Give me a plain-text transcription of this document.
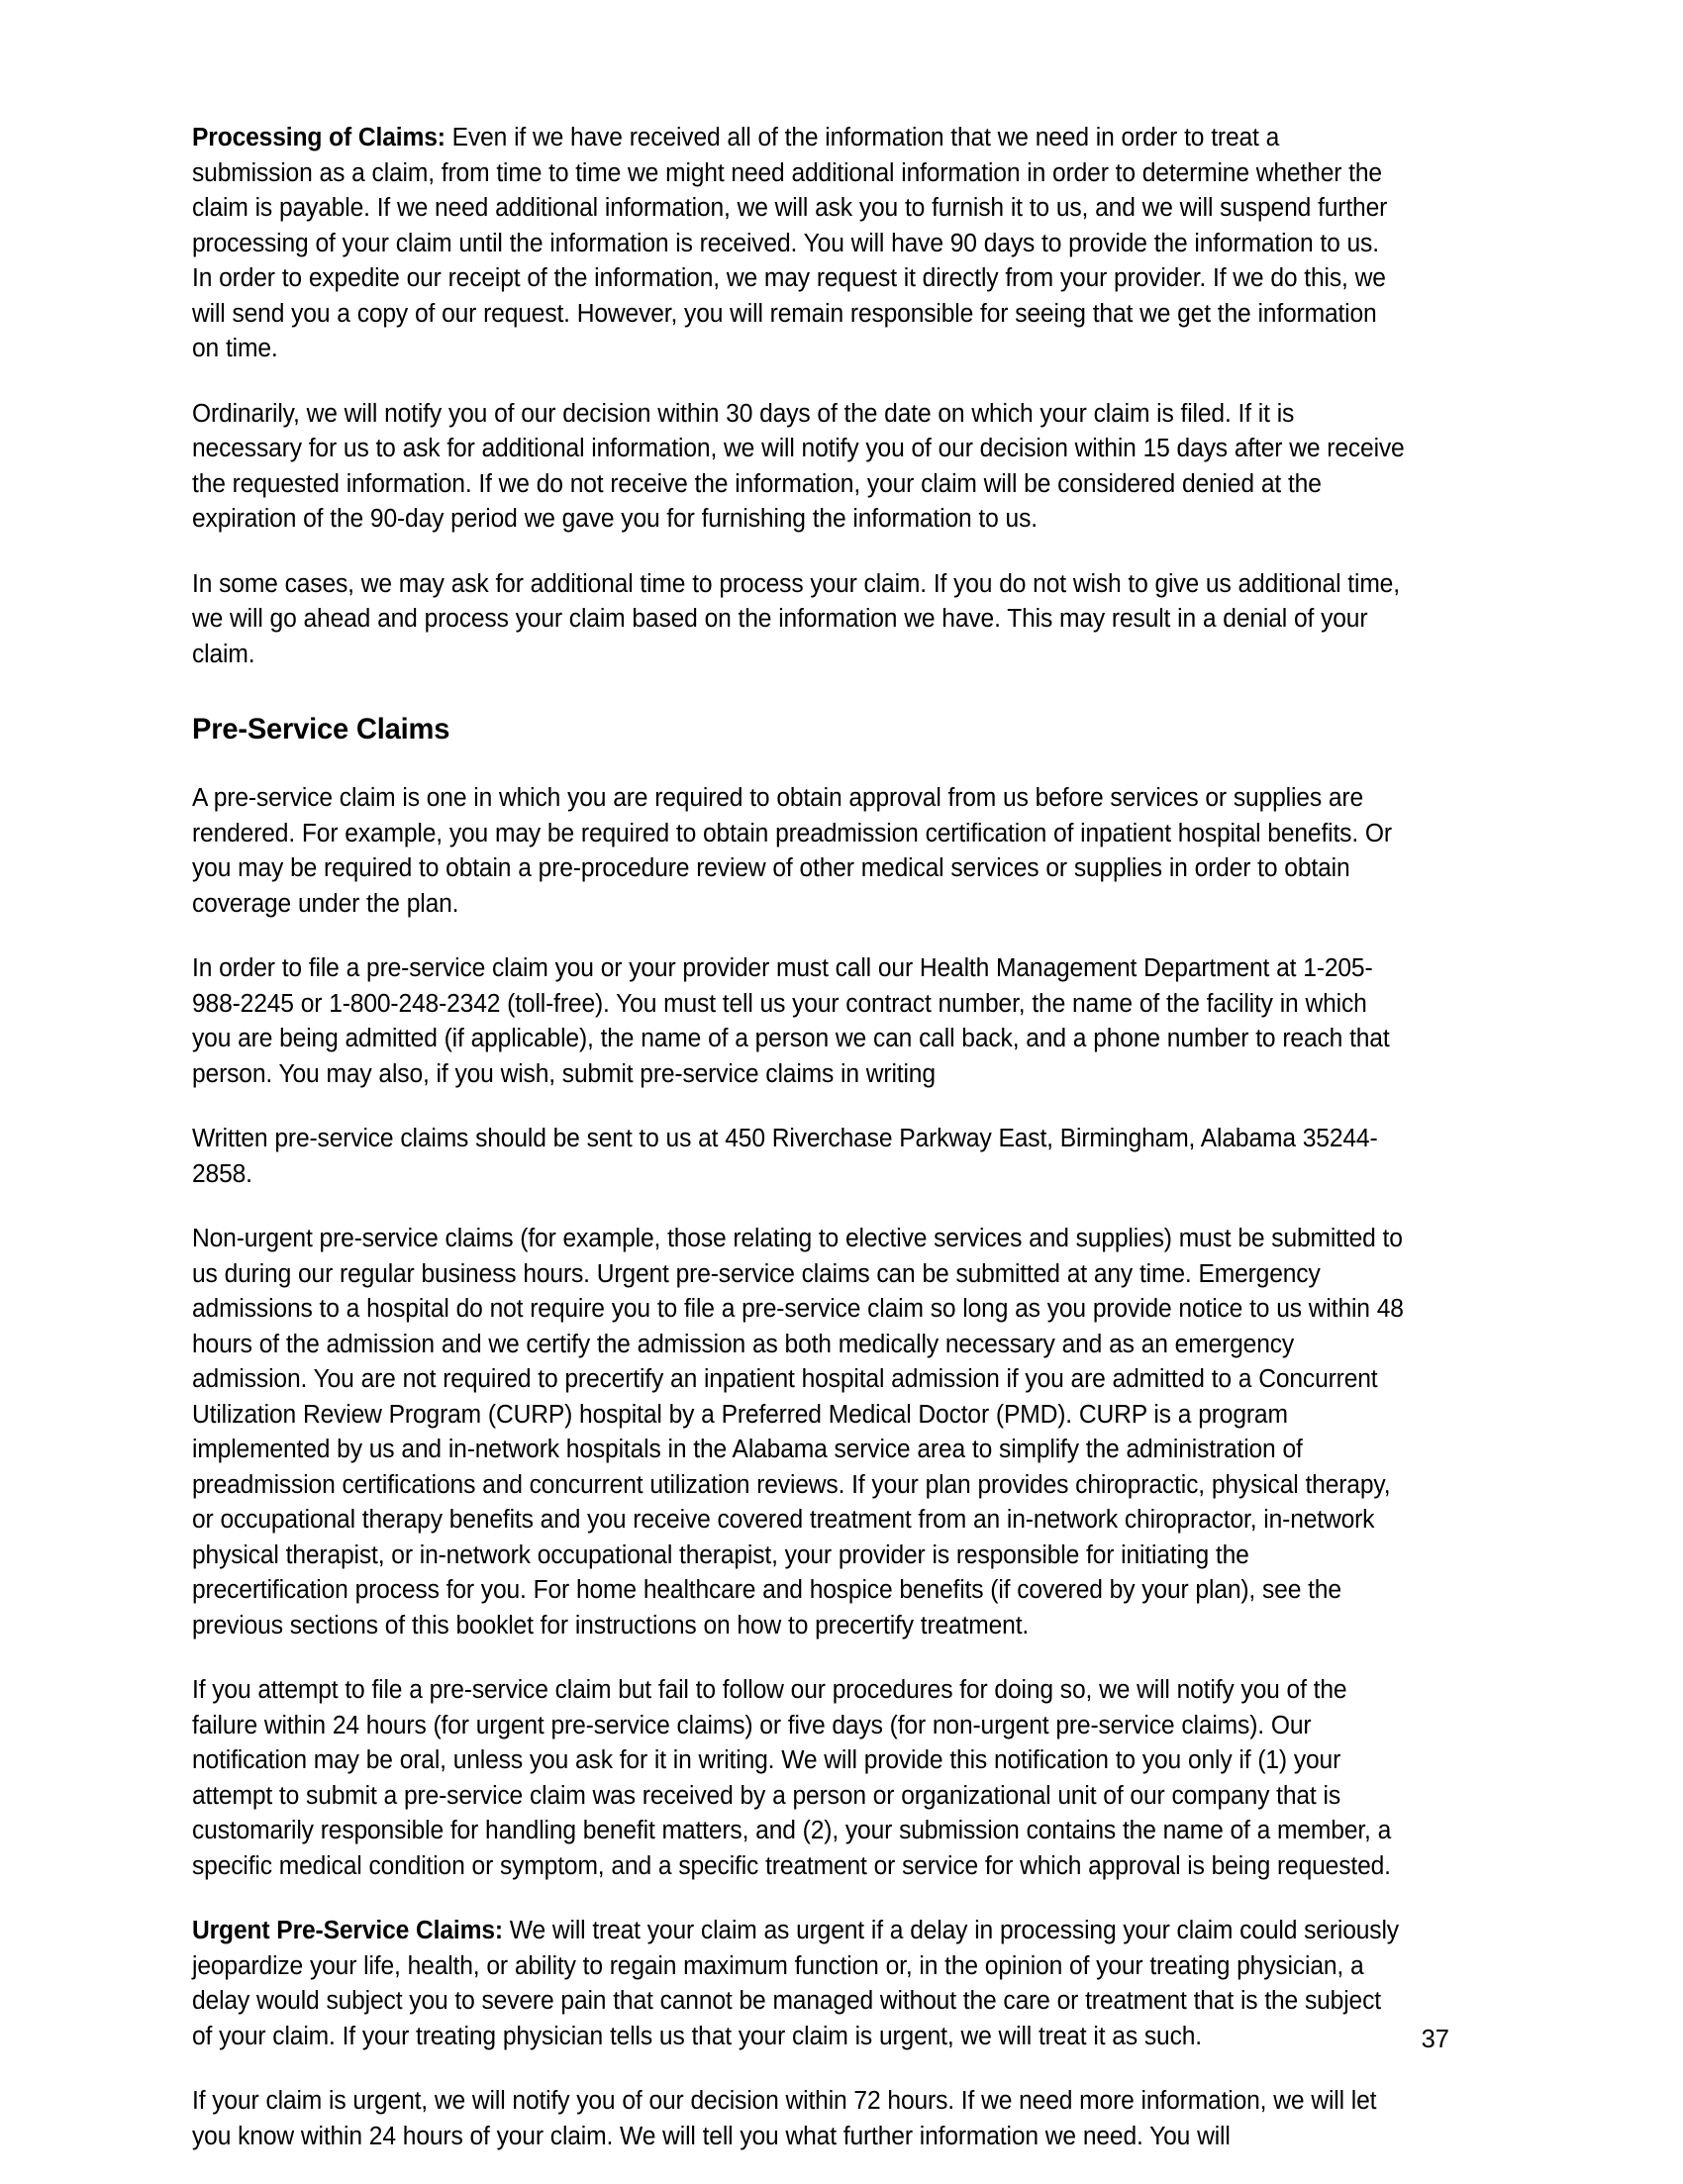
Processing of Claims: Even if we have received all of the information that we need in order to treat a submission as a claim, from time to time we might need additional information in order to determine whether the claim is payable. If we need additional information, we will ask you to furnish it to us, and we will suspend further processing of your claim until the information is received. You will have 90 days to provide the information to us. In order to expedite our receipt of the information, we may request it directly from your provider. If we do this, we will send you a copy of our request. However, you will remain responsible for seeing that we get the information on time.

Ordinarily, we will notify you of our decision within 30 days of the date on which your claim is filed. If it is necessary for us to ask for additional information, we will notify you of our decision within 15 days after we receive the requested information. If we do not receive the information, your claim will be considered denied at the expiration of the 90-day period we gave you for furnishing the information to us.

In some cases, we may ask for additional time to process your claim. If you do not wish to give us additional time, we will go ahead and process your claim based on the information we have. This may result in a denial of your claim.

Pre-Service Claims

A pre-service claim is one in which you are required to obtain approval from us before services or supplies are rendered. For example, you may be required to obtain preadmission certification of inpatient hospital benefits. Or you may be required to obtain a pre-procedure review of other medical services or supplies in order to obtain coverage under the plan.

In order to file a pre-service claim you or your provider must call our Health Management Department at 1-205-988-2245 or 1-800-248-2342 (toll-free). You must tell us your contract number, the name of the facility in which you are being admitted (if applicable), the name of a person we can call back, and a phone number to reach that person. You may also, if you wish, submit pre-service claims in writing

Written pre-service claims should be sent to us at 450 Riverchase Parkway East, Birmingham, Alabama 35244-2858.

Non-urgent pre-service claims (for example, those relating to elective services and supplies) must be submitted to us during our regular business hours. Urgent pre-service claims can be submitted at any time. Emergency admissions to a hospital do not require you to file a pre-service claim so long as you provide notice to us within 48 hours of the admission and we certify the admission as both medically necessary and as an emergency admission. You are not required to precertify an inpatient hospital admission if you are admitted to a Concurrent Utilization Review Program (CURP) hospital by a Preferred Medical Doctor (PMD). CURP is a program implemented by us and in-network hospitals in the Alabama service area to simplify the administration of preadmission certifications and concurrent utilization reviews. If your plan provides chiropractic, physical therapy, or occupational therapy benefits and you receive covered treatment from an in-network chiropractor, in-network physical therapist, or in-network occupational therapist, your provider is responsible for initiating the precertification process for you. For home healthcare and hospice benefits (if covered by your plan), see the previous sections of this booklet for instructions on how to precertify treatment.

If you attempt to file a pre-service claim but fail to follow our procedures for doing so, we will notify you of the failure within 24 hours (for urgent pre-service claims) or five days (for non-urgent pre-service claims). Our notification may be oral, unless you ask for it in writing. We will provide this notification to you only if (1) your attempt to submit a pre-service claim was received by a person or organizational unit of our company that is customarily responsible for handling benefit matters, and (2), your submission contains the name of a member, a specific medical condition or symptom, and a specific treatment or service for which approval is being requested.

Urgent Pre-Service Claims: We will treat your claim as urgent if a delay in processing your claim could seriously jeopardize your life, health, or ability to regain maximum function or, in the opinion of your treating physician, a delay would subject you to severe pain that cannot be managed without the care or treatment that is the subject of your claim. If your treating physician tells us that your claim is urgent, we will treat it as such.

If your claim is urgent, we will notify you of our decision within 72 hours. If we need more information, we will let you know within 24 hours of your claim. We will tell you what further information we need. You will

37
